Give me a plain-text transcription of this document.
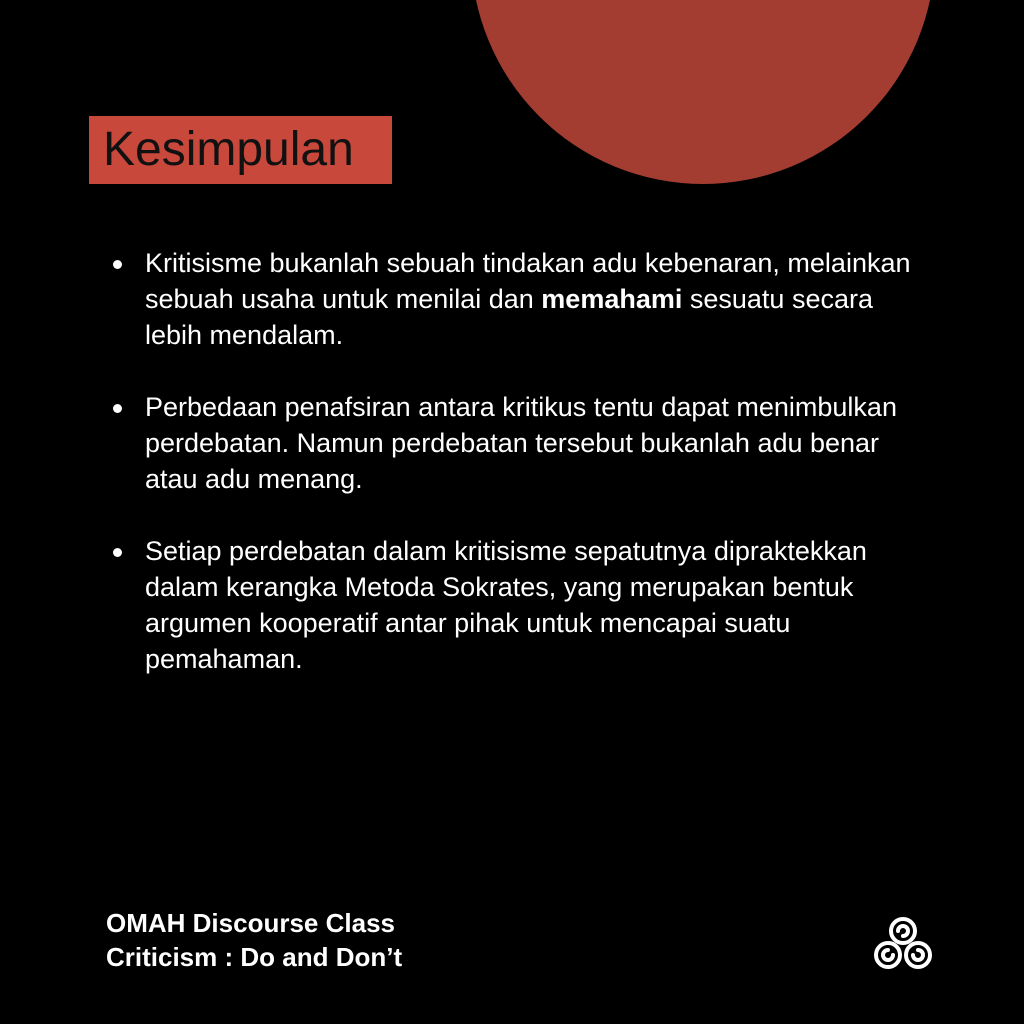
Kesimpulan
Kritisisme bukanlah sebuah tindakan adu kebenaran, melainkan sebuah usaha untuk menilai dan memahami sesuatu secara lebih mendalam.
Perbedaan penafsiran antara kritikus tentu dapat menimbulkan perdebatan. Namun perdebatan tersebut bukanlah adu benar atau adu menang.
Setiap perdebatan dalam kritisisme sepatutnya dipraktekkan dalam kerangka Metoda Sokrates, yang merupakan bentuk argumen kooperatif antar pihak untuk mencapai suatu pemahaman.
OMAH Discourse Class
Criticism : Do and Don’t
